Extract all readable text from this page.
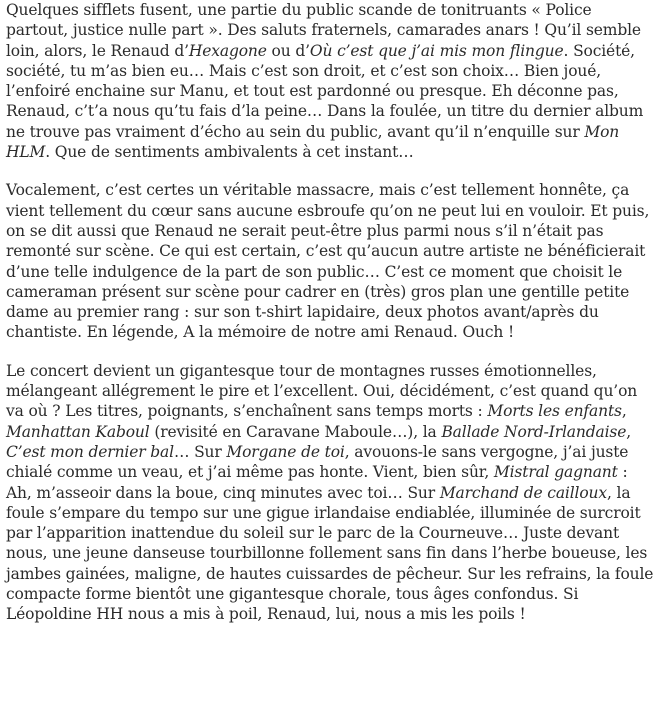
Quelques sifflets fusent, une partie du public scande de tonitruants « Police partout, justice nulle part ». Des saluts fraternels, camarades anars ! Qu’il semble loin, alors, le Renaud d’Hexagone ou d’Où c’est que j’ai mis mon flingue. Société, société, tu m’as bien eu… Mais c’est son droit, et c’est son choix… Bien joué, l’enfoiré enchaine sur Manu, et tout est pardonné ou presque. Eh déconne pas, Renaud, c’t’a nous qu’tu fais d’la peine… Dans la foulée, un titre du dernier album ne trouve pas vraiment d’écho au sein du public, avant qu’il n’enquille sur Mon HLM. Que de sentiments ambivalents à cet instant…

Vocalement, c’est certes un véritable massacre, mais c’est tellement honnête, ça vient tellement du cœur sans aucune esbroufe qu’on ne peut lui en vouloir. Et puis, on se dit aussi que Renaud ne serait peut-être plus parmi nous s’il n’était pas remonté sur scène. Ce qui est certain, c’est qu’aucun autre artiste ne bénéficierait d’une telle indulgence de la part de son public… C’est ce moment que choisit le cameraman présent sur scène pour cadrer en (très) gros plan une gentille petite dame au premier rang : sur son t-shirt lapidaire, deux photos avant/après du chantiste. En légende, A la mémoire de notre ami Renaud. Ouch !

Le concert devient un gigantesque tour de montagnes russes émotionnelles, mélangeant allégrement le pire et l’excellent. Oui, décidément, c’est quand qu’on va où ? Les titres, poignants, s’enchaînent sans temps morts : Morts les enfants, Manhattan Kaboul (revisité en Caravane Maboule…), la Balladе Nord-Irlandaise, C’est mon dernier bal… Sur Morgane de toi, avouons-le sans vergogne, j’ai juste chialé comme un veau, et j’ai même pas honte. Vient, bien sûr, Mistral gagnant : Ah, m’asseoir dans la boue, cinq minutes avec toi… Sur Marchand de cailloux, la foule s’empare du tempo sur une gigue irlandaise endiablée, illuminée de surcroit par l’apparition inattendue du soleil sur le parc de la Courneuve… Juste devant nous, une jeune danseuse tourbillonne follement sans fin dans l’herbe boueuse, les jambes gainées, maligne, de hautes cuissardes de pêcheur. Sur les refrains, la foule compacte forme bientôt une gigantesque chorale, tous âges confondus. Si Léopoldine HH nous a mis à poil, Renaud, lui, nous a mis les poils !
